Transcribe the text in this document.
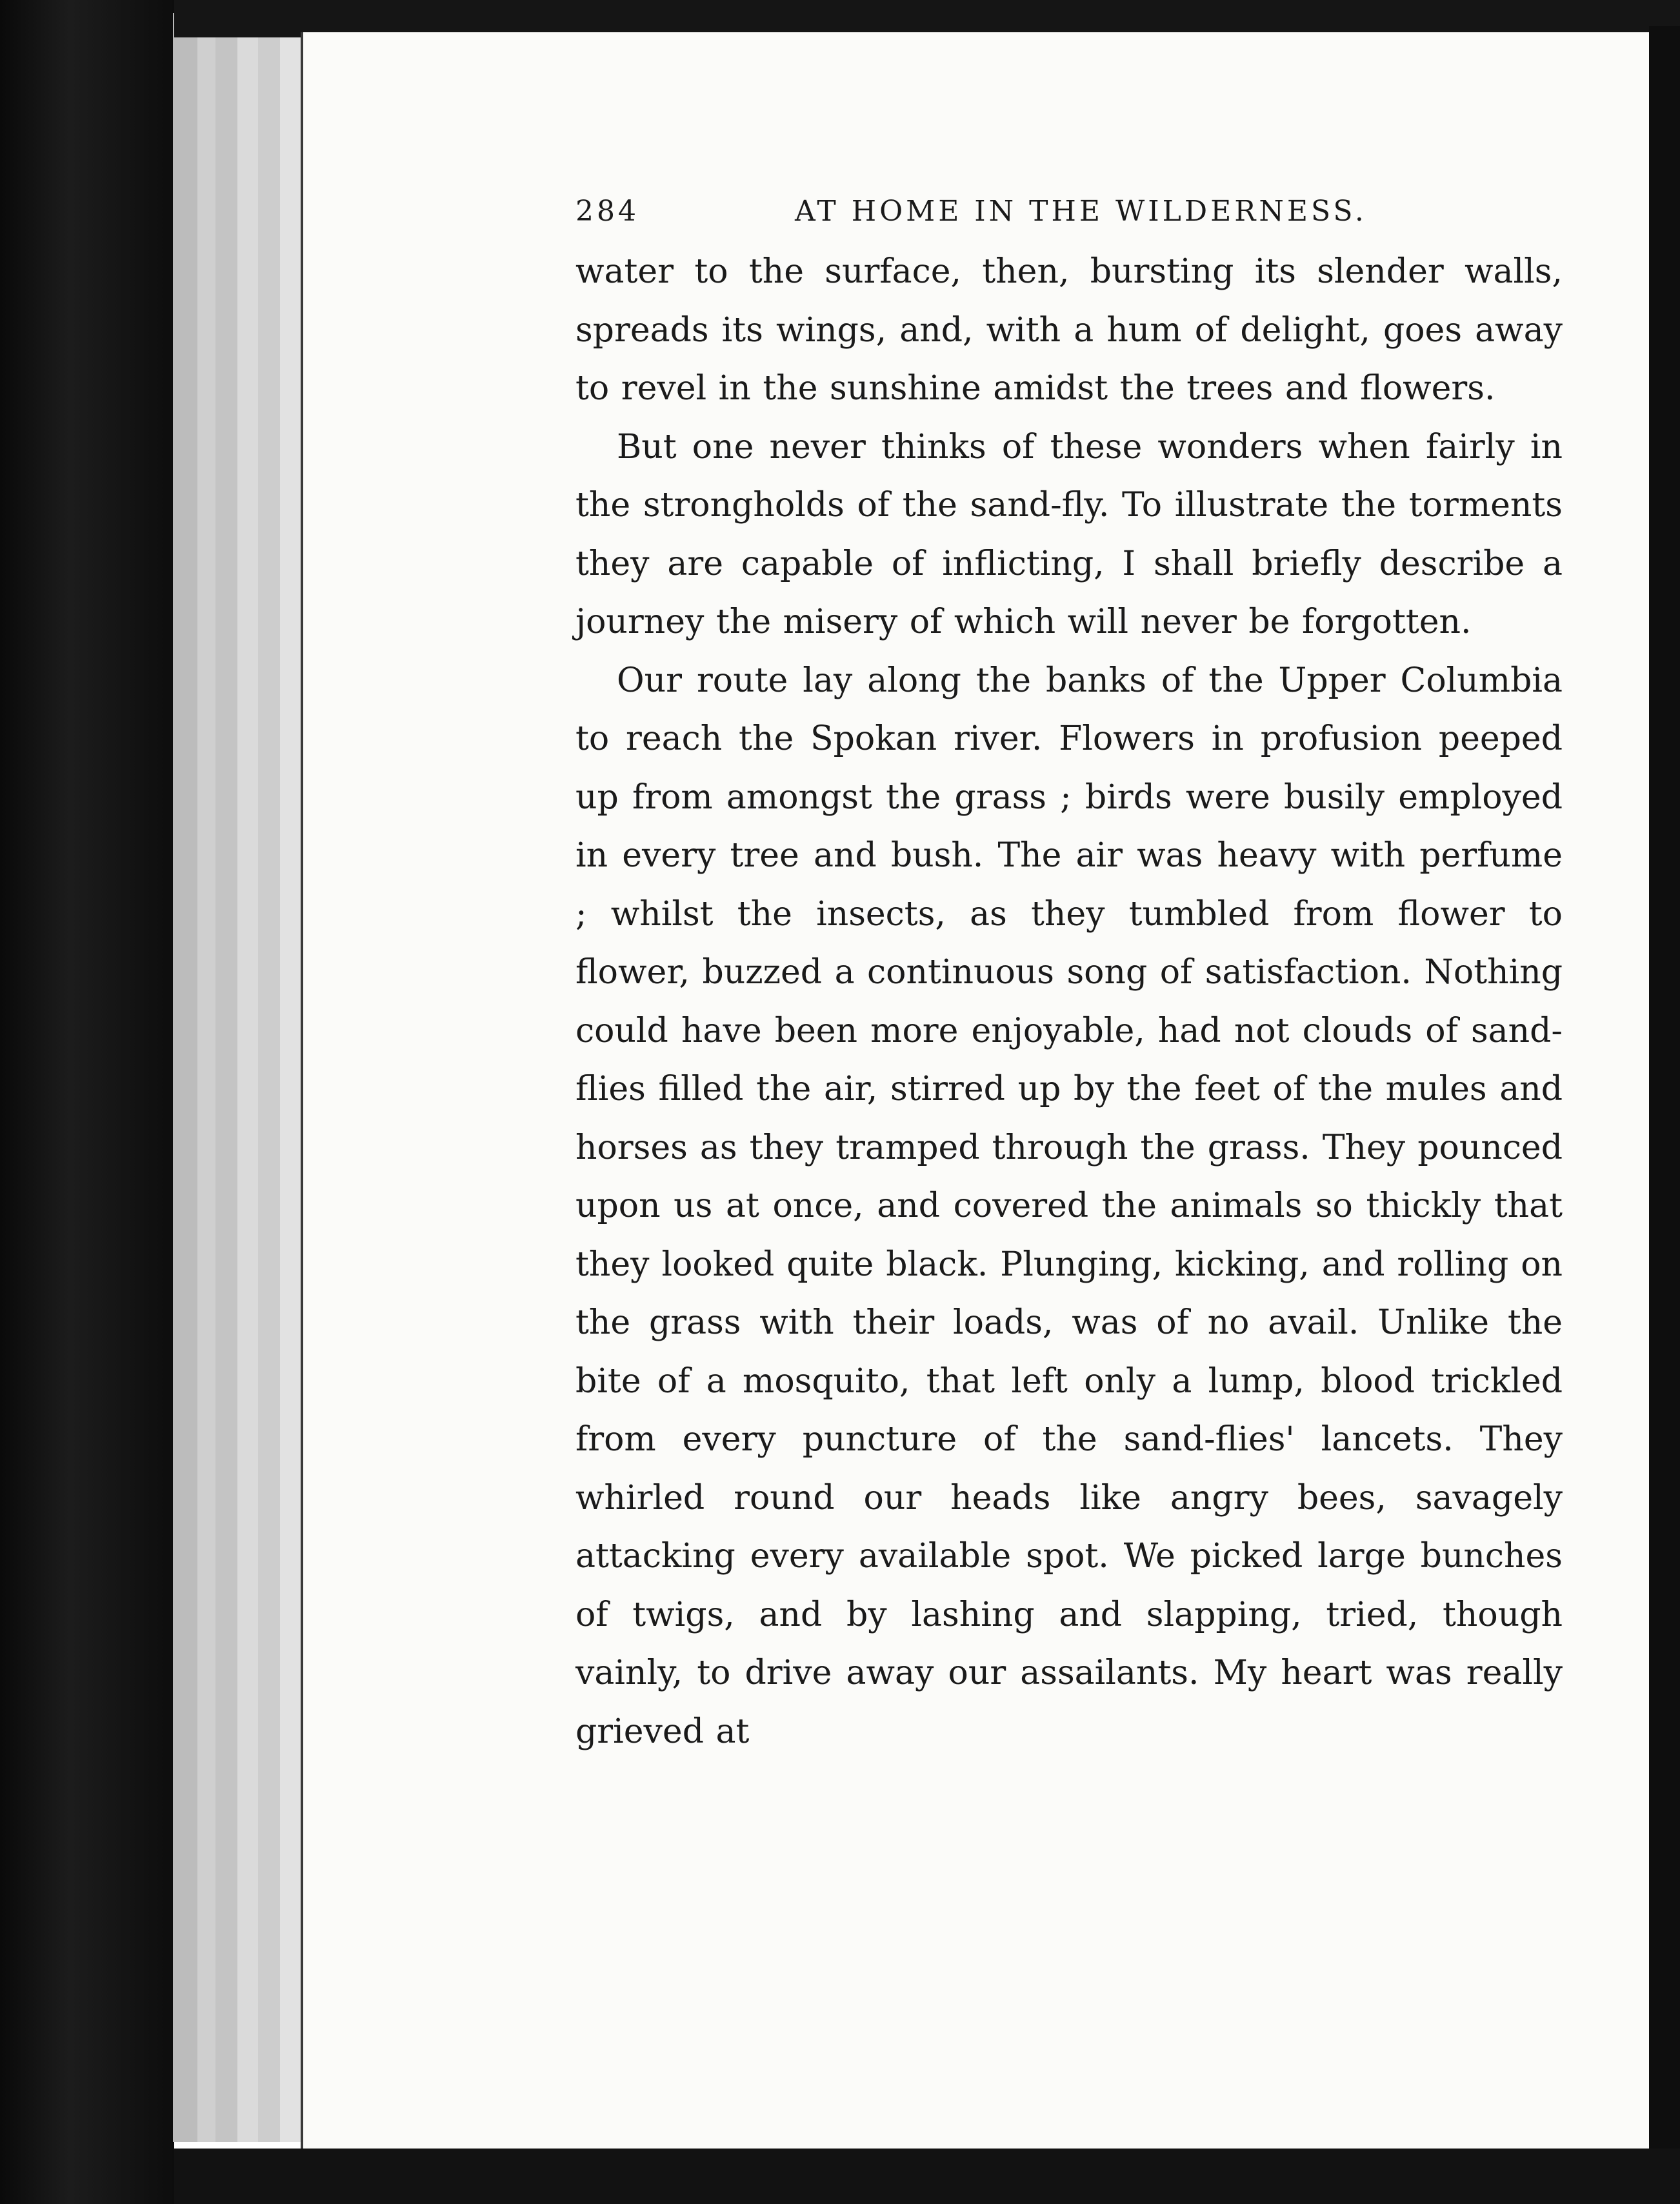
284	AT HOME IN THE WILDERNESS.

water to the surface, then, bursting its slender walls, spreads its wings, and, with a hum of delight, goes away to revel in the sunshine amidst the trees and flowers.

But one never thinks of these wonders when fairly in the strongholds of the sand-fly. To illustrate the torments they are capable of inflicting, I shall briefly describe a journey the misery of which will never be forgotten.

Our route lay along the banks of the Upper Columbia to reach the Spokan river. Flowers in profusion peeped up from amongst the grass ; birds were busily employed in every tree and bush. The air was heavy with perfume ; whilst the insects, as they tumbled from flower to flower, buzzed a continuous song of satisfaction. Nothing could have been more enjoyable, had not clouds of sand-flies filled the air, stirred up by the feet of the mules and horses as they tramped through the grass. They pounced upon us at once, and covered the animals so thickly that they looked quite black. Plunging, kicking, and rolling on the grass with their loads, was of no avail. Unlike the bite of a mosquito, that left only a lump, blood trickled from every puncture of the sand-flies' lancets. They whirled round our heads like angry bees, savagely attacking every available spot. We picked large bunches of twigs, and by lashing and slapping, tried, though vainly, to drive away our assailants. My heart was really grieved at
